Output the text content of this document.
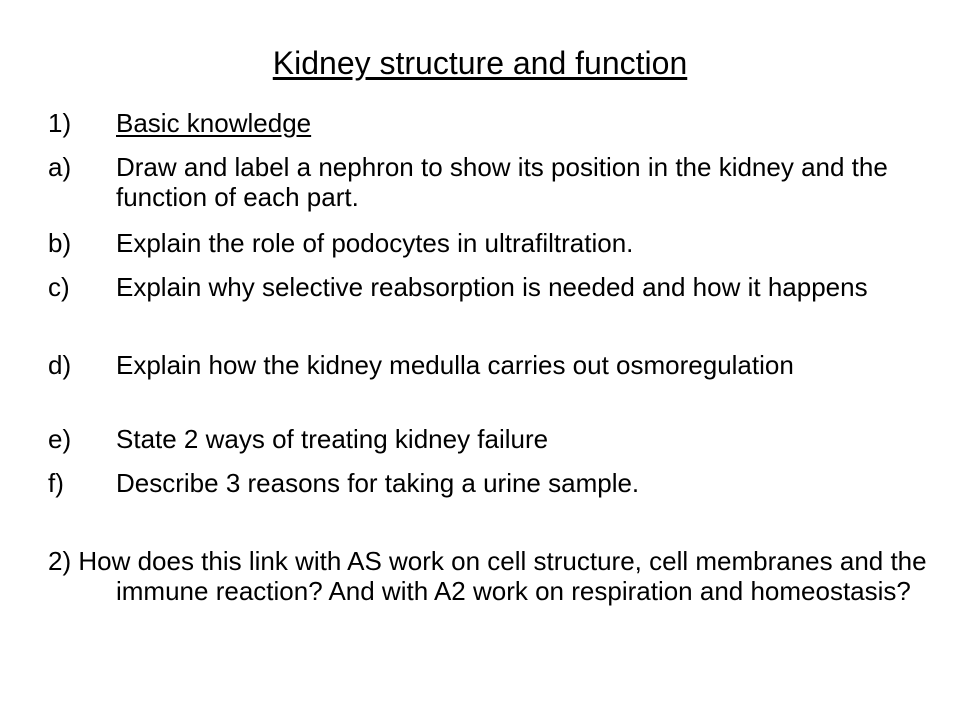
Kidney structure and function
1) Basic knowledge
a) Draw and label a nephron to show its position in the kidney and the function of each part.
b) Explain the role of podocytes in ultrafiltration.
c) Explain why selective reabsorption is needed and how it happens
d) Explain how the kidney medulla carries out osmoregulation
e) State 2 ways of treating kidney failure
f) Describe 3 reasons for taking a urine sample.
2) How does this link with AS work on cell structure, cell membranes and the immune reaction? And with A2 work on respiration and homeostasis?
